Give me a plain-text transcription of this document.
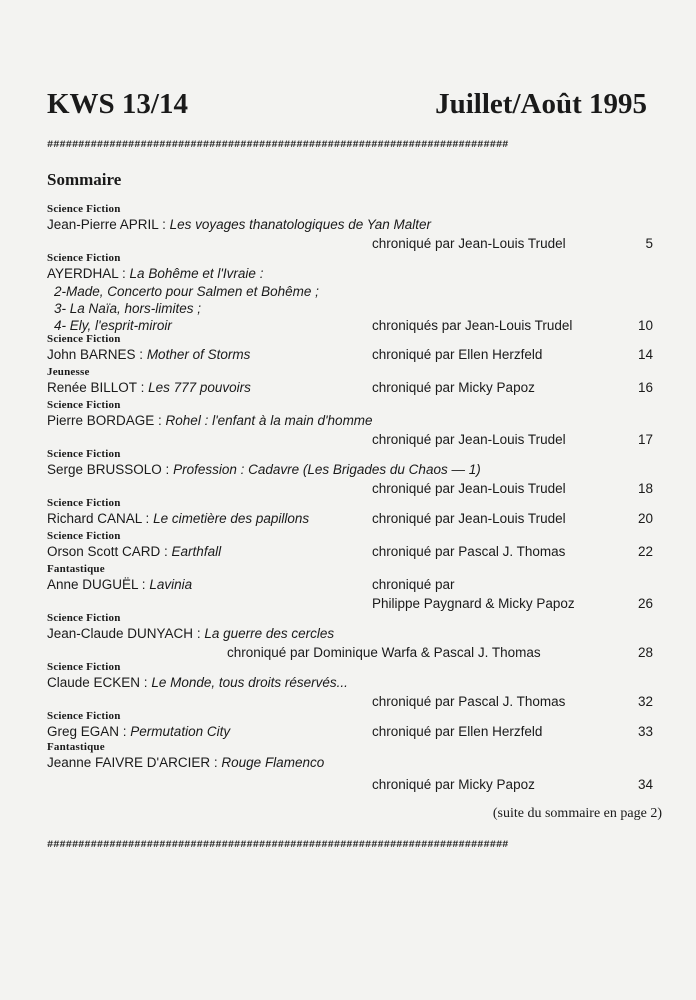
KWS 13/14	Juillet/Août 1995
##########################################################################
Sommaire
Science Fiction
Jean-Pierre APRIL : Les voyages thanatologiques de Yan Malter
chroniqué par Jean-Louis Trudel	5
Science Fiction
AYERDHAL : La Bohême et l'Ivraie :
2-Made, Concerto pour Salmen et Bohême ;
3- La Naïa, hors-limites ;
4- Ely, l'esprit-miroir	chroniqués par Jean-Louis Trudel	10
Science Fiction
John BARNES : Mother of Storms	chroniqué par Ellen Herzfeld	14
Jeunesse
Renée BILLOT : Les 777 pouvoirs	chroniqué par Micky Papoz	16
Science Fiction
Pierre BORDAGE : Rohel : l'enfant à la main d'homme
chroniqué par Jean-Louis Trudel	17
Science Fiction
Serge BRUSSOLO : Profession : Cadavre (Les Brigades du Chaos — 1)
chroniqué par Jean-Louis Trudel	18
Science Fiction
Richard CANAL : Le cimetière des papillons	chroniqué par Jean-Louis Trudel	20
Science Fiction
Orson Scott CARD : Earthfall	chroniqué par Pascal J. Thomas	22
Fantastique
Anne DUGUËL : Lavinia	chroniqué par
Philippe Paygnard & Micky Papoz	26
Science Fiction
Jean-Claude DUNYACH : La guerre des cercles
chroniqué par Dominique Warfa & Pascal J. Thomas	28
Science Fiction
Claude ECKEN : Le Monde, tous droits réservés...
chroniqué par Pascal J. Thomas	32
Science Fiction
Greg EGAN : Permutation City	chroniqué par Ellen Herzfeld	33
Fantastique
Jeanne FAIVRE D'ARCIER : Rouge Flamenco
chroniqué par Micky Papoz	34
(suite du sommaire en page 2)
##########################################################################
